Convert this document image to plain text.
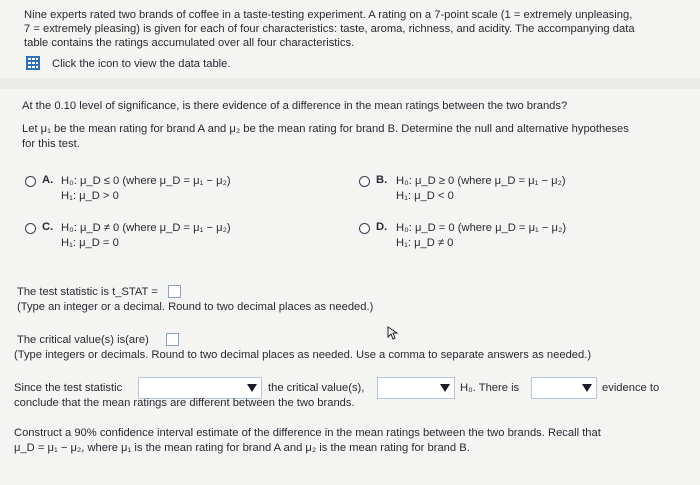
Nine experts rated two brands of coffee in a taste-testing experiment. A rating on a 7-point scale (1 = extremely unpleasing,
7 = extremely pleasing) is given for each of four characteristics: taste, aroma, richness, and acidity. The accompanying data
table contains the ratings accumulated over all four characteristics.
Click the icon to view the data table.
At the 0.10 level of significance, is there evidence of a difference in the mean ratings between the two brands?
Let μ₁ be the mean rating for brand A and μ₂ be the mean rating for brand B. Determine the null and alternative hypotheses
for this test.
A. H₀: μ_D ≤ 0 (where μ_D = μ₁ − μ₂)
H₁: μ_D > 0
B. H₀: μ_D ≥ 0 (where μ_D = μ₁ − μ₂)
H₁: μ_D < 0
C. H₀: μ_D ≠ 0 (where μ_D = μ₁ − μ₂)
H₁: μ_D = 0
D. H₀: μ_D = 0 (where μ_D = μ₁ − μ₂)
H₁: μ_D ≠ 0
The test statistic is t_STAT =
(Type an integer or a decimal. Round to two decimal places as needed.)
The critical value(s) is(are)
(Type integers or decimals. Round to two decimal places as needed. Use a comma to separate answers as needed.)
Since the test statistic	the critical value(s),	H₀. There is	evidence to
conclude that the mean ratings are different between the two brands.
Construct a 90% confidence interval estimate of the difference in the mean ratings between the two brands. Recall that
μ_D = μ₁ − μ₂, where μ₁ is the mean rating for brand A and μ₂ is the mean rating for brand B.
